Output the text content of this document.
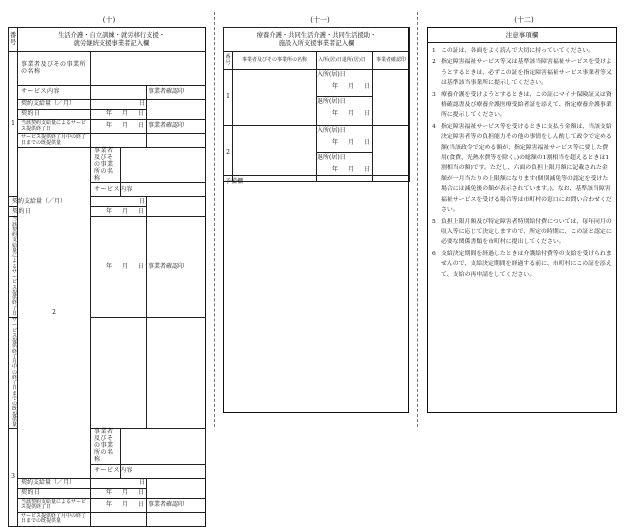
(十)
番号	生活介護・自立訓練・就労移行支援・
就労継続支援事業者記入欄				

1	事業者及びその事業所の名称				
	サービス内容			事業者確認印	
	契約支給量（／月）	日			
	契約日	年 月 日			
	当該契約支給量によるサービス提供終了日	年 月 日		事業者確認印	
	サービス提供終了月中の終了日までの既提供量				
	2	事業者及びその事業所の名称			
		サービス内容		
契約支給量（／月）		日			
契約日		年 月 日			
当該契約支給量によるサービス提供終了日		年 月 日		事業者確認印	
サービス提供終了月中の終了日までの既提供量					
3		事業者及びその事業所の名称			
		サービス内容		
	契約支給量（／月）	日			
	契約日	年 月 日			
	当該契約支給量によるサービス提供終了日	年 月 日		事業者確認印	
	サービス提供終了月中の終了日までの既提供量				
(十一)
療養介護・共同生活介護・共同生活援助・
施設入所支援事業者記入欄			

番号	事業者及びその事業所の名称	入所(居)日退所(居)日	事業者確認印
1		入所(居)日
年 月 日
退所(居)日
年 月 日	

2		入所(居)日
年 月 日
退所(居)日
年 月 日	

予備欄
(十二)
注意事項欄
1 この証は、各面をよく読んで大切に持っていてください。
2 指定障害福祉サービス等又は基準該当障害福祉サービスを受けようとするときは、必ずこの証を指定障害福祉サービス事業者等又は基準該当事業所に提示してください。
3 療養介護を受けようとするときは、この証にマイナ保険証又は資格確認書及び療養介護医療受給者証を添えて、指定療養介護事業所に提示してください。
4 指定障害福祉サービス等を受けるときに支払う金額は、当該支給決定障害者等の負担能力その他の事情をしん酌して政令で定める額(当該政令で定める額が、指定障害福祉サービス等に要した費用(食費、光熱水費等を除く。)の総額の1割相当を超えるときは1割相当の額)です。ただし、六面の負担上限月額に記載された金額が一月当たりの上限額になります(個別減免等の認定を受けた場合には減免後の額が表示されています。)。なお、基準該当障害福祉サービスを受ける場合等は市町村の窓口にお問い合わせください。
5 負担上限月額及び特定障害者特別給付費については、毎年同月の収入等に応じて決定しますので、所定の時期に、この証と認定に必要な関係書類を市町村に提出してください。
6 支給決定期間を経過したときは介護給付費等の支給を受けられませんので、支給決定期間を経過する前に、市町村にこの証を添えて、支給の再申請をしてください。
